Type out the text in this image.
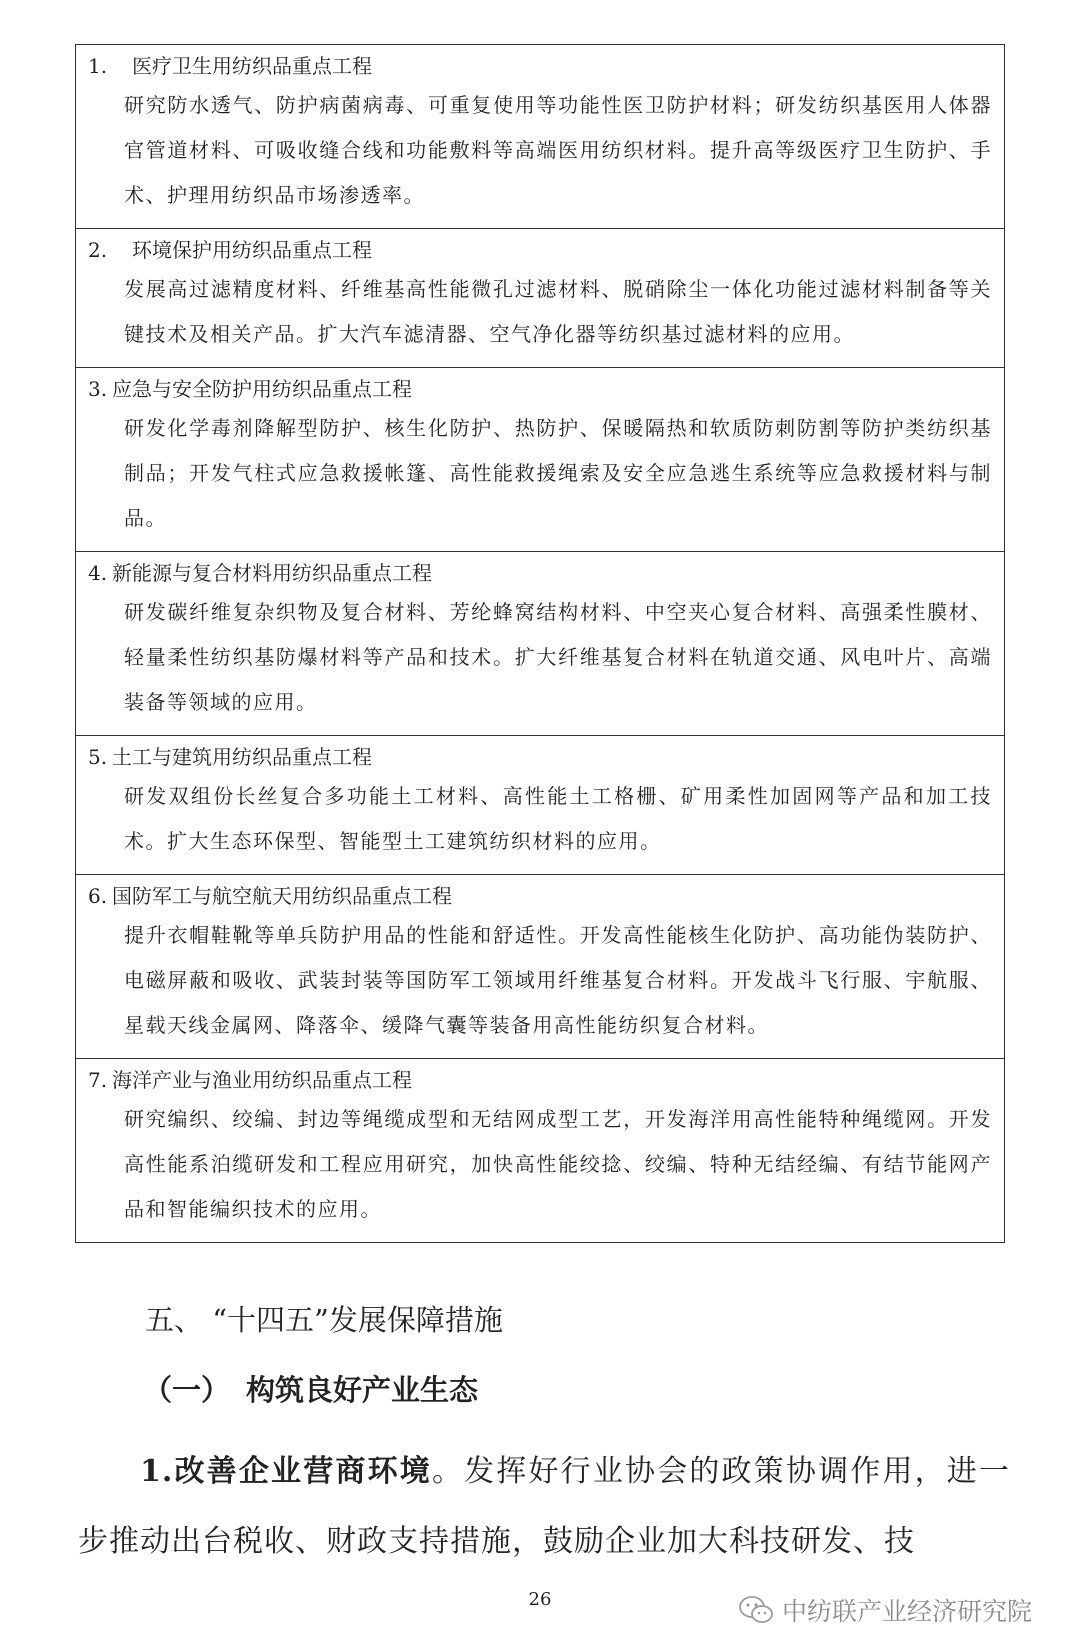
1. 医疗卫生用纺织品重点工程

研究防水透气、防护病菌病毒、可重复使用等功能性医卫防护材料；研发纺织基医用人体器官管道材料、可吸收缝合线和功能敷料等高端医用纺织材料。提升高等级医疗卫生防护、手术、护理用纺织品市场渗透率。

2. 环境保护用纺织品重点工程

发展高过滤精度材料、纤维基高性能微孔过滤材料、脱硝除尘一体化功能过滤材料制备等关键技术及相关产品。扩大汽车滤清器、空气净化器等纺织基过滤材料的应用。

3. 应急与安全防护用纺织品重点工程

研发化学毒剂降解型防护、核生化防护、热防护、保暖隔热和软质防刺防割等防护类纺织基制品；开发气柱式应急救援帐篷、高性能救援绳索及安全应急逃生系统等应急救援材料与制品。

4. 新能源与复合材料用纺织品重点工程

研发碳纤维复杂织物及复合材料、芳纶蜂窝结构材料、中空夹心复合材料、高强柔性膜材、轻量柔性纺织基防爆材料等产品和技术。扩大纤维基复合材料在轨道交通、风电叶片、高端装备等领域的应用。

5. 土工与建筑用纺织品重点工程

研发双组份长丝复合多功能土工材料、高性能土工格栅、矿用柔性加固网等产品和加工技术。扩大生态环保型、智能型土工建筑纺织材料的应用。

6. 国防军工与航空航天用纺织品重点工程

提升衣帽鞋靴等单兵防护用品的性能和舒适性。开发高性能核生化防护、高功能伪装防护、电磁屏蔽和吸收、武装封装等国防军工领域用纤维基复合材料。开发战斗飞行服、宇航服、星载天线金属网、降落伞、缓降气囊等装备用高性能纺织复合材料。

7. 海洋产业与渔业用纺织品重点工程

研究编织、绞编、封边等绳缆成型和无结网成型工艺，开发海洋用高性能特种绳缆网。开发高性能系泊缆研发和工程应用研究，加快高性能绞捻、绞编、特种无结经编、有结节能网产品和智能编织技术的应用。

五、 “十四五”发展保障措施
（一） 构筑良好产业生态

1.改善企业营商环境。发挥好行业协会的政策协调作用，进一步推动出台税收、财政支持措施，鼓励企业加大科技研发、技

26	中纺联产业经济研究院
